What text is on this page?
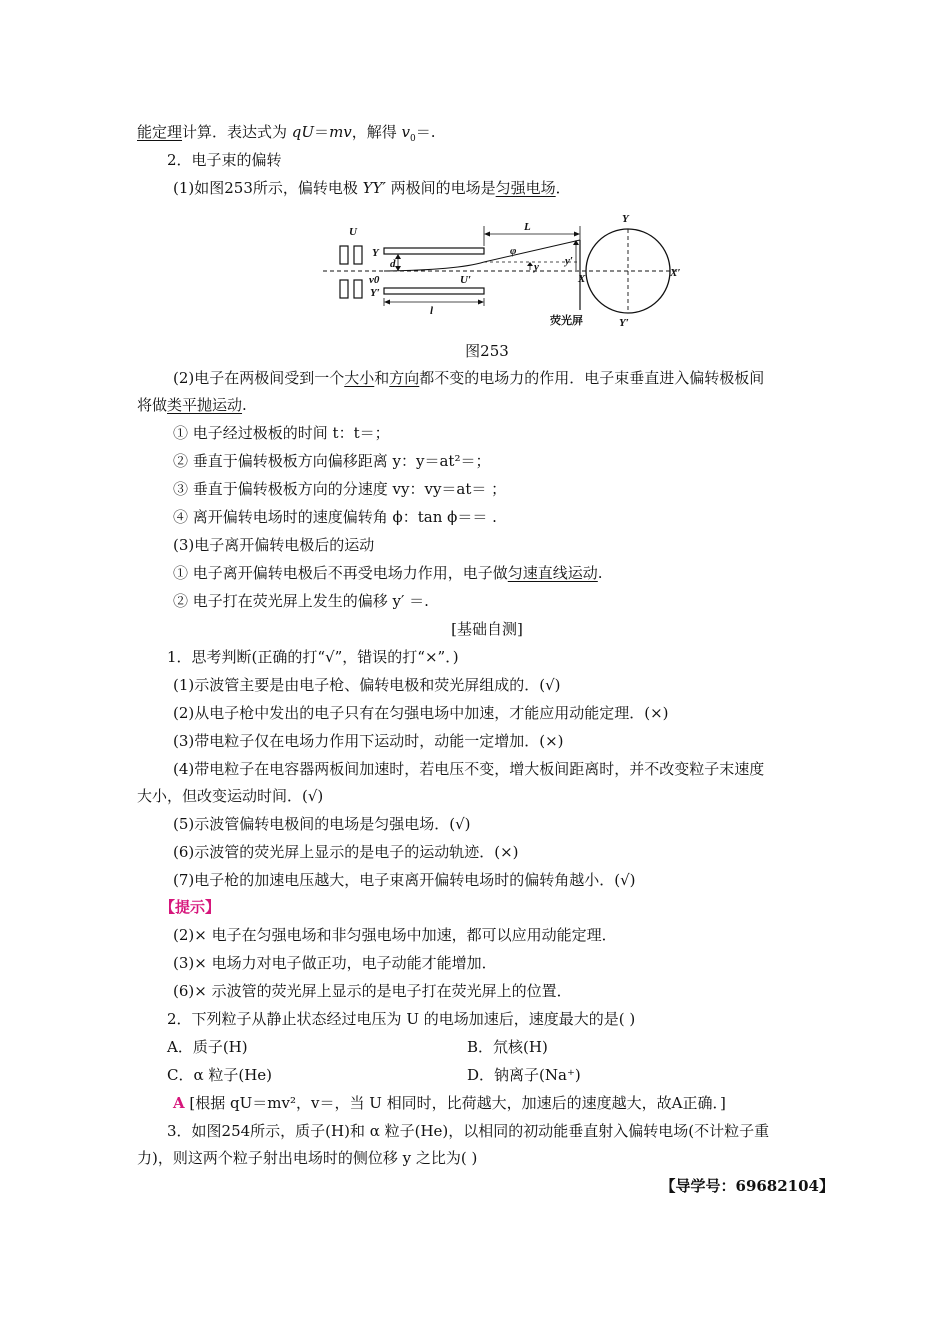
能定理计算．表达式为 qU＝mv，解得 $v_0=$.
2．电子束的偏转
(1)如图253所示，偏转电极 YY′ 两极间的电场是匀强电场．
U
Y
Y′
d
v0	U′
l
L
φ
y y′
X
Y
Y′
X′
荧光屏
图253
(2)电子在两极间受到一个大小和方向都不变的电场力的作用．电子束垂直进入偏转极板间
将做类平抛运动.
① 电子经过极板的时间 t：t＝；
② 垂直于偏转极板方向偏移距离 y：y＝at²＝；
③ 垂直于偏转极板方向的分速度 vy：vy＝at＝ ；
④ 离开偏转电场时的速度偏转角 ϕ：tan ϕ＝＝ .
(3)电子离开偏转电极后的运动
① 电子离开偏转电极后不再受电场力作用，电子做匀速直线运动.
② 电子打在荧光屏上发生的偏移 y′ ＝.
[基础自测]
1．思考判断(正确的打“√”，错误的打“×”．)
(1)示波管主要是由电子枪、偏转电极和荧光屏组成的．(√)
(2)从电子枪中发出的电子只有在匀强电场中加速，才能应用动能定理．(×)
(3)带电粒子仅在电场力作用下运动时，动能一定增加．(×)
(4)带电粒子在电容器两板间加速时，若电压不变，增大板间距离时，并不改变粒子末速度
大小，但改变运动时间．(√)
(5)示波管偏转电极间的电场是匀强电场．(√)
(6)示波管的荧光屏上显示的是电子的运动轨迹．(×)
(7)电子枪的加速电压越大，电子束离开偏转电场时的偏转角越小．(√)
【提示】
(2)× 电子在匀强电场和非匀强电场中加速，都可以应用动能定理．
(3)× 电场力对电子做正功，电子动能才能增加．
(6)× 示波管的荧光屏上显示的是电子打在荧光屏上的位置．
2．下列粒子从静止状态经过电压为 U 的电场加速后，速度最大的是( )
A．质子(H)	B．氘核(H)
C．α 粒子(He)	D．钠离子(Na⁺)
A [根据 qU＝mv²，v＝，当 U 相同时，比荷越大，加速后的速度越大，故A正确．]
3．如图254所示，质子(H)和 α 粒子(He)，以相同的初动能垂直射入偏转电场(不计粒子重
力)，则这两个粒子射出电场时的侧位移 y 之比为( )
【导学号：69682104】
